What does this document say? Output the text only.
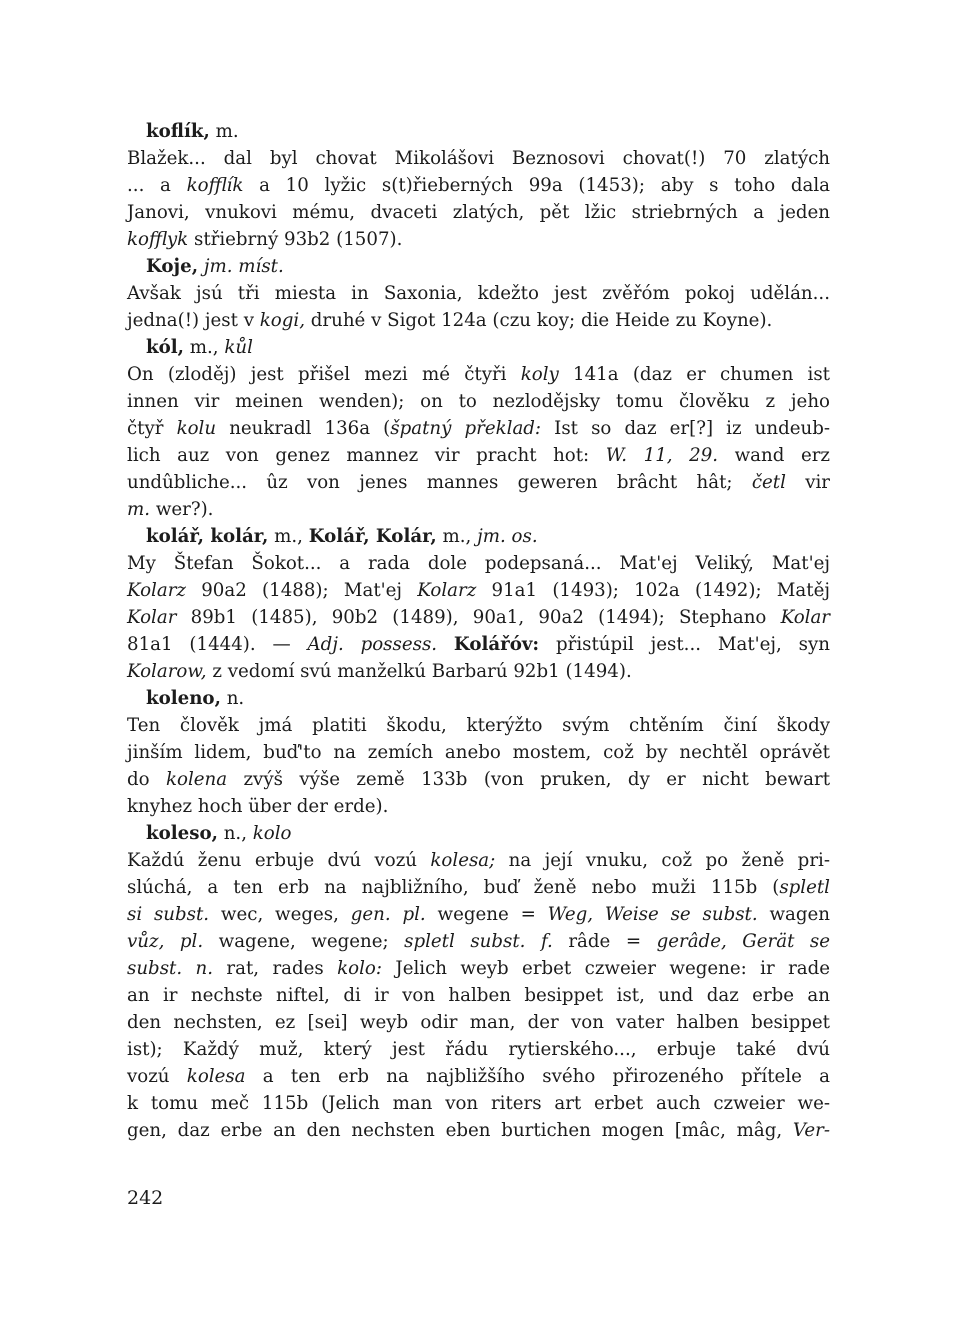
koflík, m.
Blažek... dal byl chovat Mikolášovi Beznosovi chovat(!) 70 zlatých
... a kofflík a 10 lyžic s(t)řieberných 99a (1453); aby s toho dala
Janovi, vnukovi mému, dvaceti zlatých, pět lžic striebrných a jeden
kofflyk střiebrný 93b2 (1507).
Koje, jm. míst.
Avšak jsú tři miesta in Saxonia, kdežto jest zvěřóm pokoj udělán...
jedna(!) jest v kogi, druhé v Sigot 124a (czu koy; die Heide zu Koyne).
kól, m., kůl
On (zloděj) jest přišel mezi mé čtyři koly 141a (daz er chumen ist
innen vir meinen wenden); on to nezlodějsky tomu člověku z jeho
čtyř kolu neukradl 136a (špatný překlad: Ist so daz er[?] iz undeub-
lich auz von genez mannez vir pracht hot: W. 11, 29. wand erz
undûbliche... ûz von jenes mannes geweren brâcht hât; četl vir
m. wer?).
kolář, kolár, m., Kolář, Kolár, m., jm. os.
My Štefan Šokot... a rada dole podepsaná... Mat'ej Veliký, Mat'ej
Kolarz 90a2 (1488); Mat'ej Kolarz 91a1 (1493); 102a (1492); Matěj
Kolar 89b1 (1485), 90b2 (1489), 90a1, 90a2 (1494); Stephano Kolar
81a1 (1444). — Adj. possess. Kolářóv: přistúpil jest... Mat'ej, syn
Kolarow, z vedomí svú manželkú Barbarú 92b1 (1494).
koleno, n.
Ten člověk jmá platiti škodu, kterýžto svým chtěním činí škody
jinším lidem, buď'to na zemích anebo mostem, což by nechtěl oprávět
do kolena zvýš výše země 133b (von pruken, dy er nicht bewart
knyhez hoch über der erde).
koleso, n., kolo
Každú ženu erbuje dvú vozú kolesa; na její vnuku, což po ženě pri-
slúchá, a ten erb na najbližního, buď ženě nebo muži 115b (spletl
si subst. wec, weges, gen. pl. wegene = Weg, Weise se subst. wagen
vůz, pl. wagene, wegene; spletl subst. f. râde = gerâde, Gerät se
subst. n. rat, rades kolo: Jelich weyb erbet czweier wegene: ir rade
an ir nechste niftel, di ir von halben besippet ist, und daz erbe an
den nechsten, ez [sei] weyb odir man, der von vater halben besippet
ist); Každý muž, který jest řádu rytierského..., erbuje také dvú
vozú kolesa a ten erb na najbližšího svého přirozeného přítele a
k tomu meč 115b (Jelich man von riters art erbet auch czweier we-
gen, daz erbe an den nechsten eben burtichen mogen [mâc, mâg, Ver-
242
